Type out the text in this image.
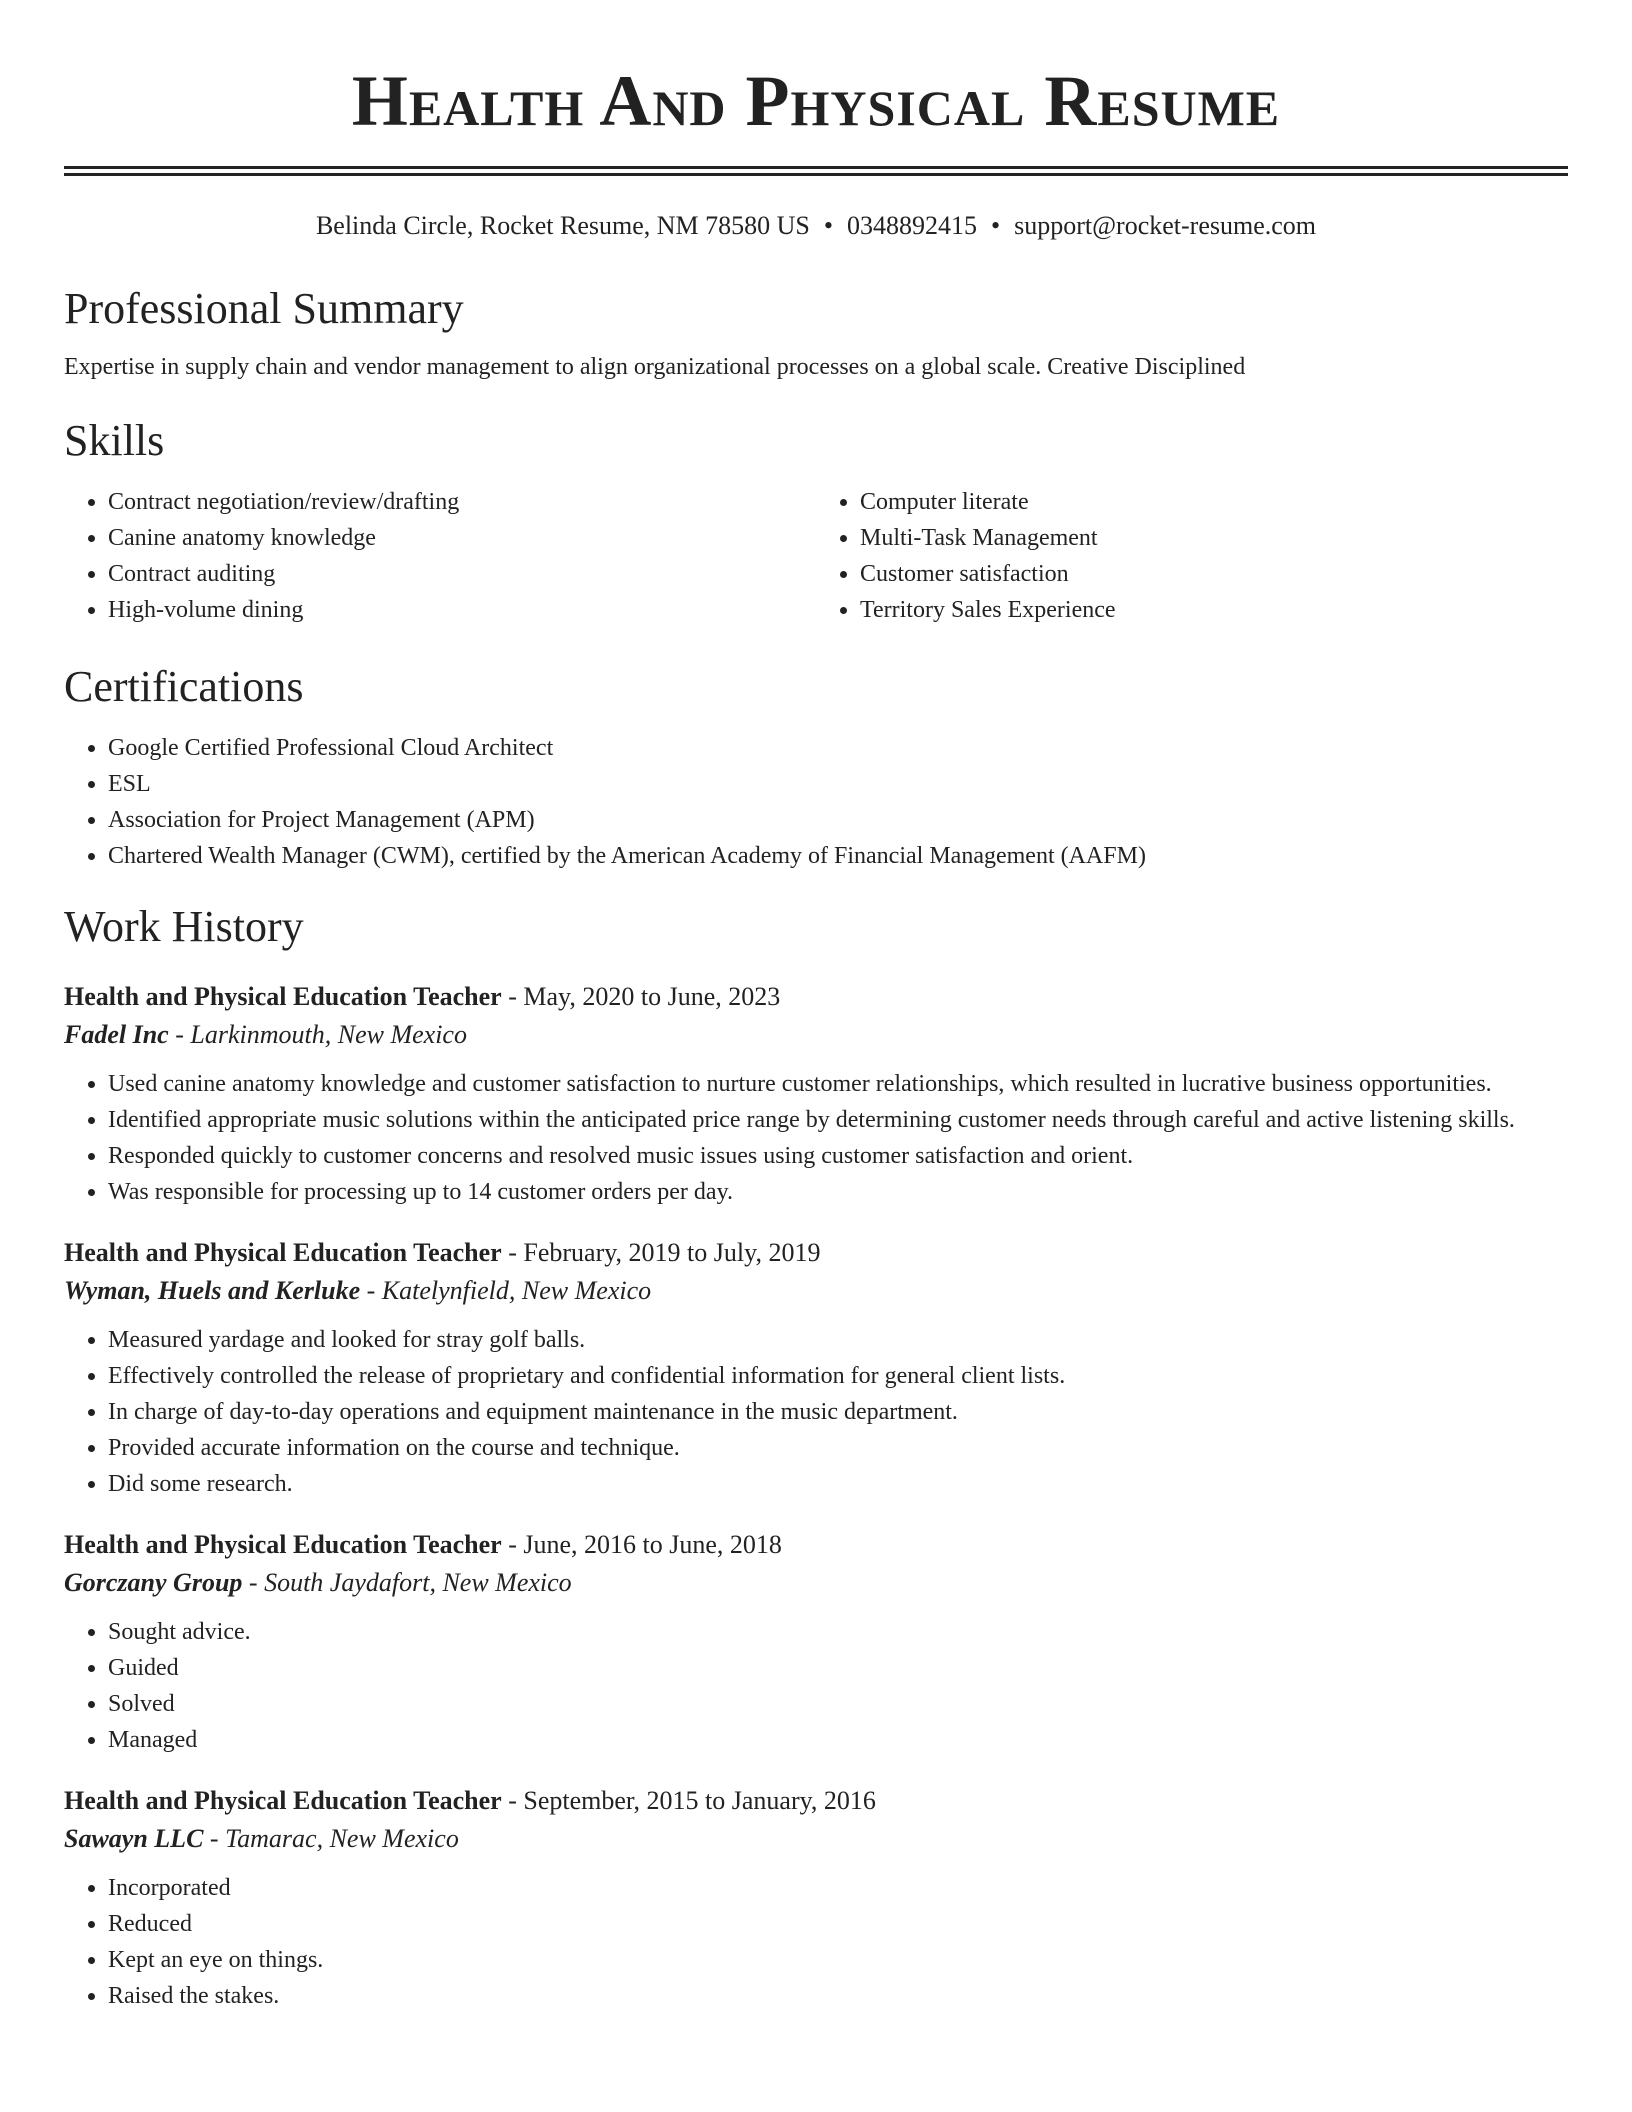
Health And Physical Resume
Belinda Circle, Rocket Resume, NM 78580 US • 0348892415 • support@rocket-resume.com
Professional Summary

Expertise in supply chain and vendor management to align organizational processes on a global scale. Creative Disciplined

Skills
• Contract negotiation/review/drafting
• Canine anatomy knowledge
• Contract auditing
• High-volume dining
• Computer literate
• Multi-Task Management
• Customer satisfaction
• Territory Sales Experience
Certifications
• Google Certified Professional Cloud Architect
• ESL
• Association for Project Management (APM)
• Chartered Wealth Manager (CWM), certified by the American Academy of Financial Management (AAFM)
Work History
Health and Physical Education Teacher - May, 2020 to June, 2023
Fadel Inc - Larkinmouth, New Mexico
• Used canine anatomy knowledge and customer satisfaction to nurture customer relationships, which resulted in lucrative business opportunities.
• Identified appropriate music solutions within the anticipated price range by determining customer needs through careful and active listening skills.
• Responded quickly to customer concerns and resolved music issues using customer satisfaction and orient.
• Was responsible for processing up to 14 customer orders per day.
Health and Physical Education Teacher - February, 2019 to July, 2019
Wyman, Huels and Kerluke - Katelynfield, New Mexico
• Measured yardage and looked for stray golf balls.
• Effectively controlled the release of proprietary and confidential information for general client lists.
• In charge of day-to-day operations and equipment maintenance in the music department.
• Provided accurate information on the course and technique.
• Did some research.
Health and Physical Education Teacher - June, 2016 to June, 2018
Gorczany Group - South Jaydafort, New Mexico
• Sought advice.
• Guided
• Solved
• Managed
Health and Physical Education Teacher - September, 2015 to January, 2016
Sawayn LLC - Tamarac, New Mexico
• Incorporated
• Reduced
• Kept an eye on things.
• Raised the stakes.
